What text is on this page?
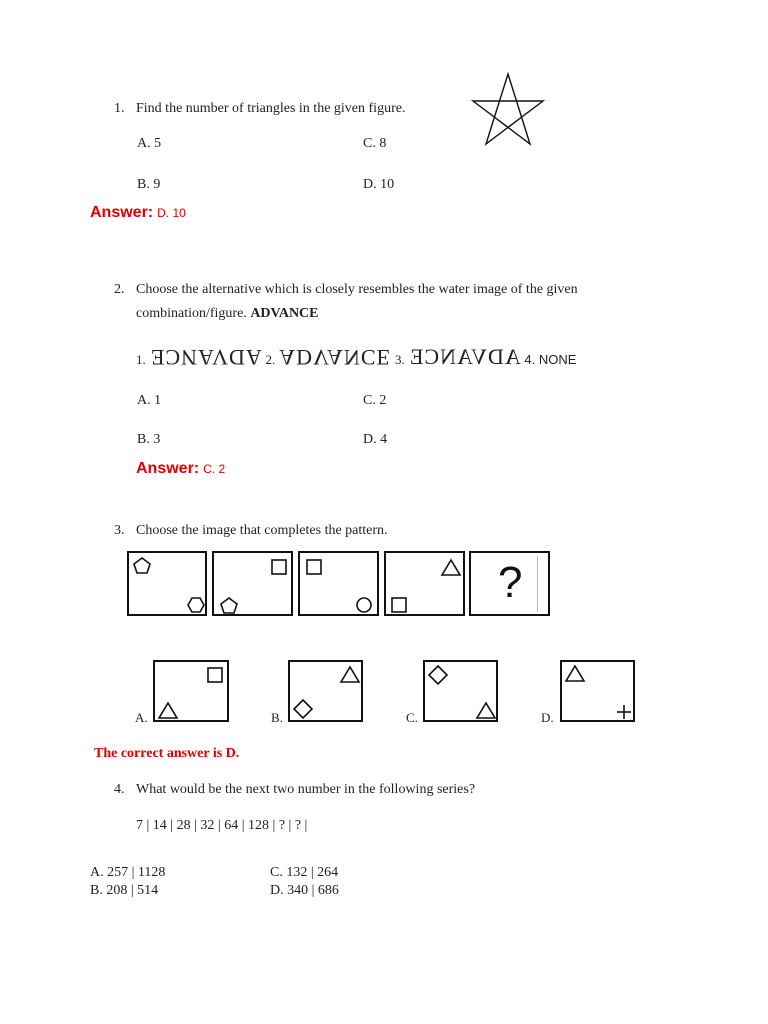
1. Find the number of triangles in the given figure.
A. 5	C. 8
B. 9	D. 10
Answer: D. 10
2. Choose the alternative which is closely resembles the water image of the given
combination/figure. ADVANCE
1. ADVANCE 2. ADVANCE 3. ADVANCE 4. NONE
A. 1	C. 2
B. 3	D. 4
Answer: C. 2
3. Choose the image that completes the pattern.
?
A.	B.	C.	D.
The correct answer is D.
4. What would be the next two number in the following series?
7 | 14 | 28 | 32 | 64 | 128 | ? | ? |
A. 257 | 1128	C. 132 | 264
B. 208 | 514	D. 340 | 686
